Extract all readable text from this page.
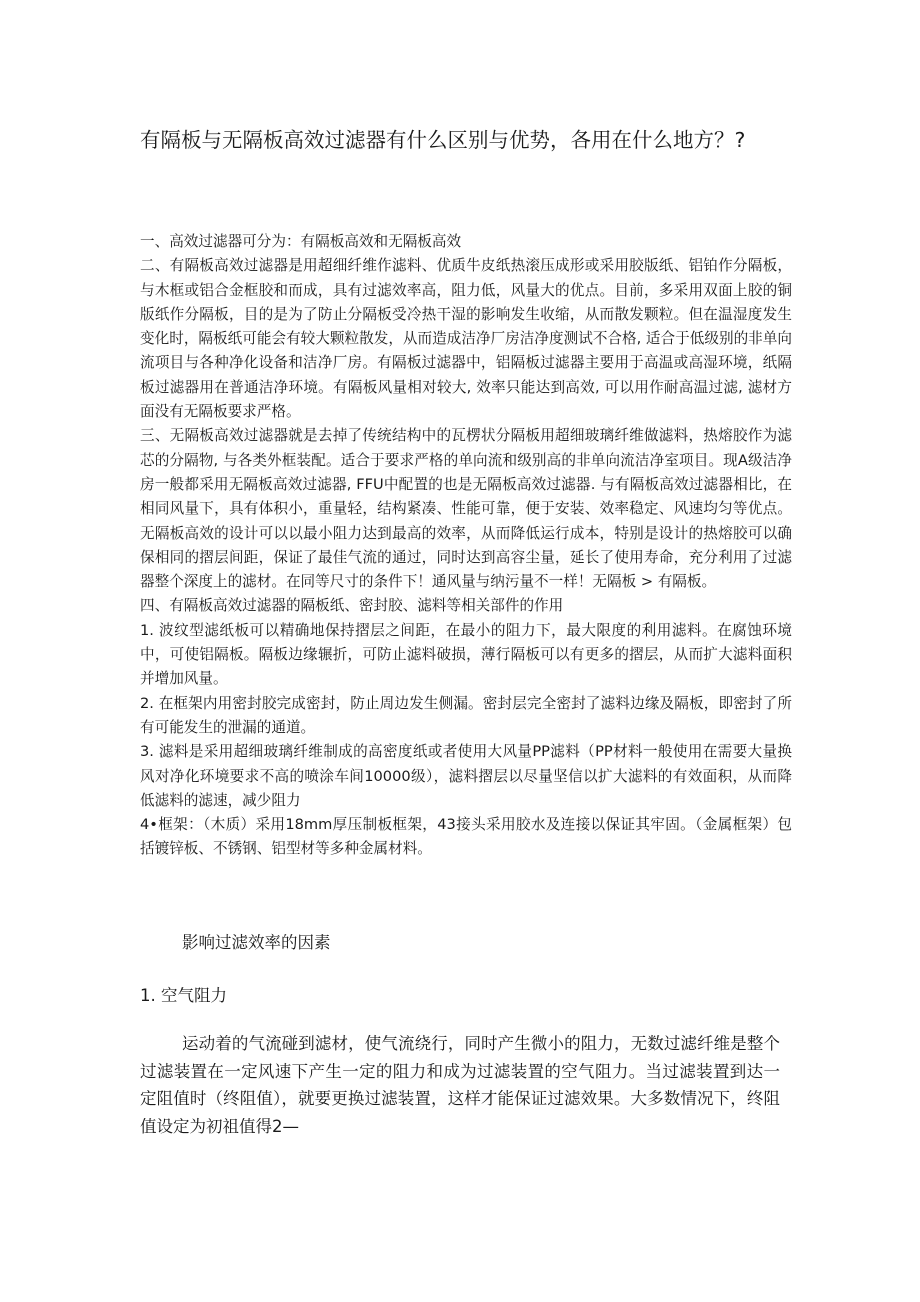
有隔板与无隔板高效过滤器有什么区别与优势，各用在什么地方？?

一、高效过滤器可分为：有隔板高效和无隔板高效

二、有隔板高效过滤器是用超细纤维作滤料、优质牛皮纸热滚压成形或采用胶版纸、铝铂作分隔板，与木框或铝合金框胶和而成，具有过滤效率高，阻力低，风量大的优点。目前，多采用双面上胶的铜版纸作分隔板，目的是为了防止分隔板受冷热干湿的影响发生收缩，从而散发颗粒。但在温湿度发生变化时，隔板纸可能会有较大颗粒散发，从而造成洁净厂房洁净度测试不合格, 适合于低级别的非单向流项目与各种净化设备和洁净厂房。有隔板过滤器中，铝隔板过滤器主要用于高温或高湿环境，纸隔板过滤器用在普通洁净环境。有隔板风量相对较大, 效率只能达到高效, 可以用作耐高温过滤, 滤材方面没有无隔板要求严格。

三、无隔板高效过滤器就是去掉了传统结构中的瓦楞状分隔板用超细玻璃纤维做滤料，热熔胶作为滤芯的分隔物, 与各类外框装配。适合于要求严格的单向流和级别高的非单向流洁净室项目。现A级洁净房一般都采用无隔板高效过滤器, FFU中配置的也是无隔板高效过滤器. 与有隔板高效过滤器相比，在相同风量下，具有体积小，重量轻，结构紧凑、性能可靠，便于安装、效率稳定、风速均匀等优点。无隔板高效的设计可以以最小阻力达到最高的效率，从而降低运行成本，特别是设计的热熔胶可以确保相同的摺层间距，保证了最佳气流的通过，同时达到高容尘量，延长了使用寿命，充分利用了过滤器整个深度上的滤材。在同等尺寸的条件下！通风量与纳污量不一样！无隔板 > 有隔板。

四、有隔板高效过滤器的隔板纸、密封胶、滤料等相关部件的作用

1. 波纹型滤纸板可以精确地保持摺层之间距，在最小的阻力下，最大限度的利用滤料。在腐蚀环境中，可使铝隔板。隔板边缘辗折，可防止滤料破损，薄行隔板可以有更多的摺层，从而扩大滤料面积并增加风量。

2. 在框架内用密封胶完成密封，防止周边发生侧漏。密封层完全密封了滤料边缘及隔板，即密封了所有可能发生的泄漏的通道。

3. 滤料是采用超细玻璃纤维制成的高密度纸或者使用大风量PP滤料（PP材料一般使用在需要大量换风对净化环境要求不高的喷涂车间10000级），滤料摺层以尽量坚信以扩大滤料的有效面积，从而降低滤料的滤速，减少阻力

4•框架：（木质）采用18mm厚压制板框架，43接头采用胶水及连接以保证其牢固。（金属框架）包括镀锌板、不锈钢、铝型材等多种金属材料。

影响过滤效率的因素
1. 空气阻力

运动着的气流碰到滤材，使气流绕行，同时产生微小的阻力，无数过滤纤维是整个过滤装置在一定风速下产生一定的阻力和成为过滤装置的空气阻力。当过滤装置到达一定阻值时（终阻值），就要更换过滤装置，这样才能保证过滤效果。大多数情况下，终阻值设定为初祖值得2—
